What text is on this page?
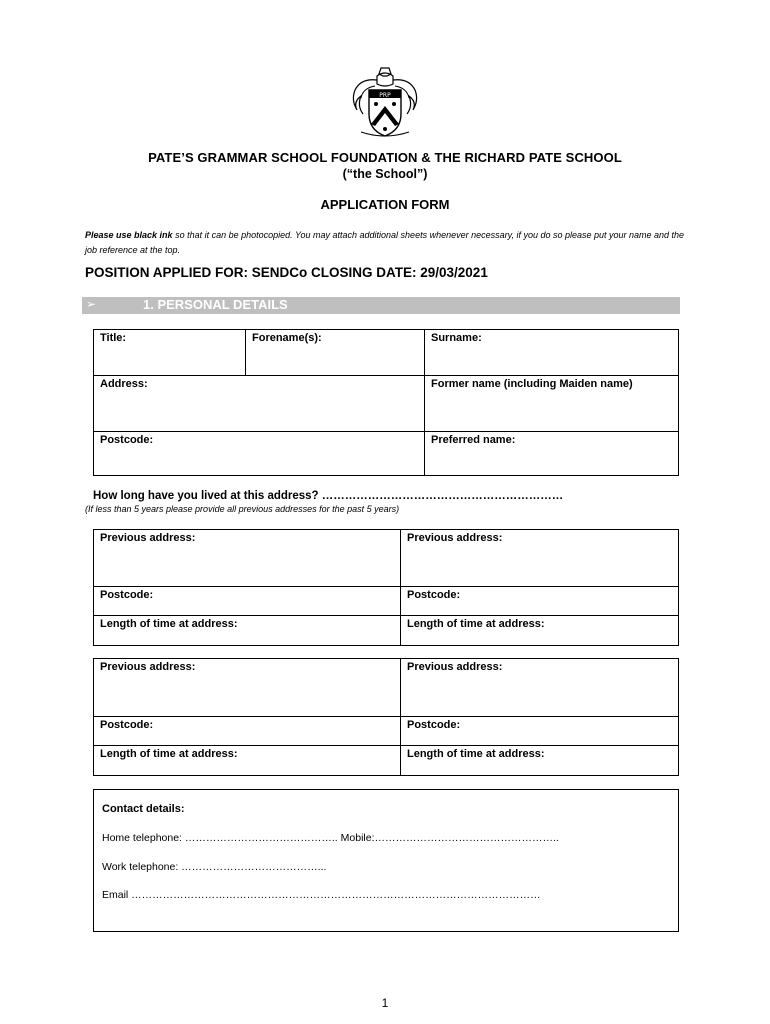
PRP
PATE’S GRAMMAR SCHOOL FOUNDATION & THE RICHARD PATE SCHOOL
(“the School”)
APPLICATION FORM
Please use black ink so that it can be photocopied. You may attach additional sheets whenever necessary, if you do so please put your name and the job reference at the top.
POSITION APPLIED FOR: SENDCo CLOSING DATE: 29/03/2021
➢	1. PERSONAL DETAILS
Title:	Forename(s):	Surname:
Address:		Former name (including Maiden name)
Postcode:		Preferred name:
How long have you lived at this address? ………………………………………………………
(If less than 5 years please provide all previous addresses for the past 5 years)
Previous address:	Previous address:
Postcode:	Postcode:
Length of time at address:	Length of time at address:
Previous address:	Previous address:
Postcode:	Postcode:
Length of time at address:	Length of time at address:
Contact details:
Home telephone: …………………………………….. Mobile:……………………………………………..
Work telephone: …………………………………...
Email ………………………………………………………………………………………………………
1
